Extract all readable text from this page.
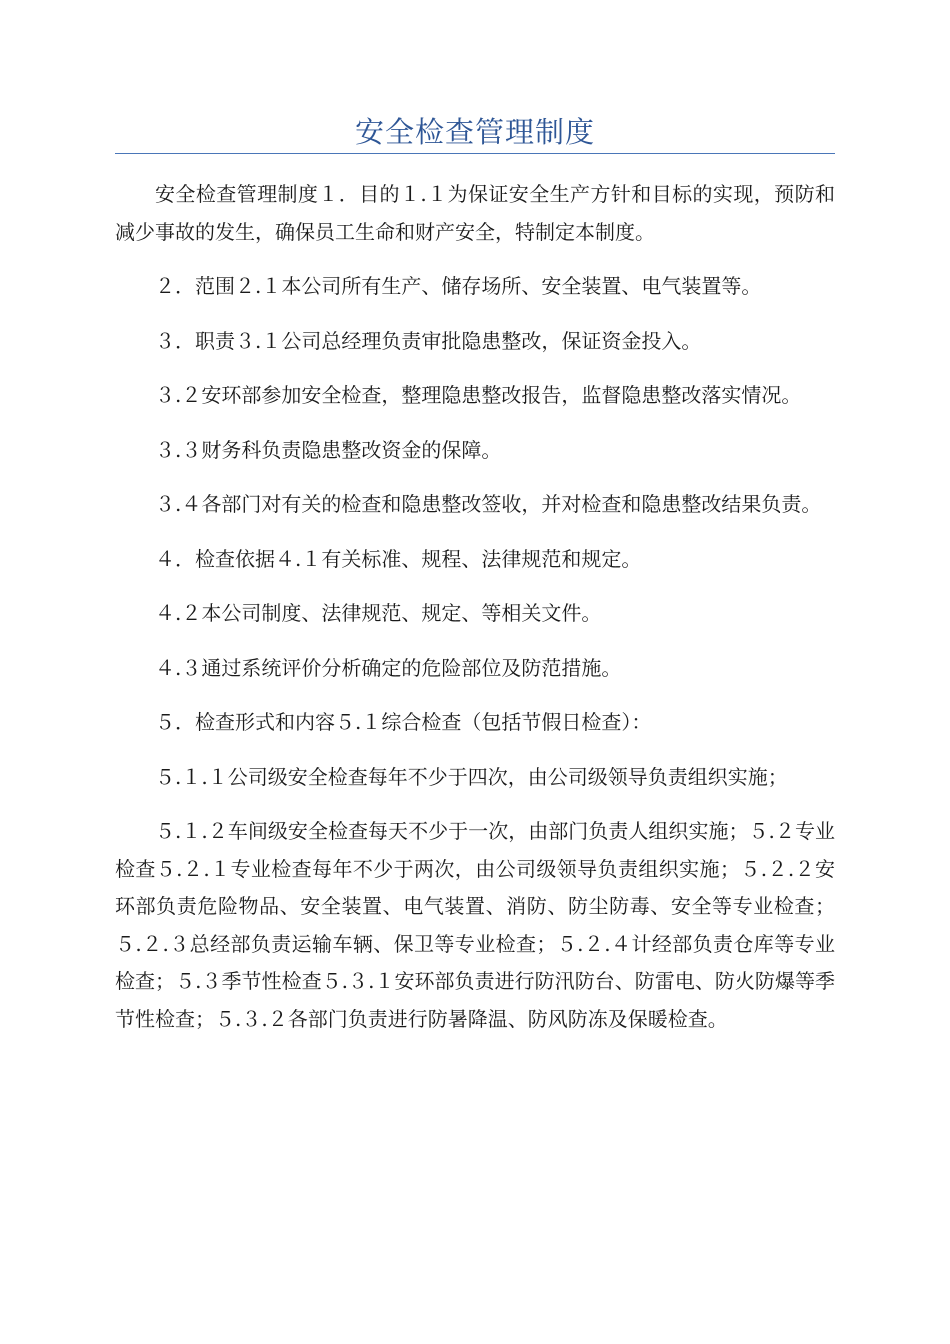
安全检查管理制度

安全检查管理制度１．目的１.１为保证安全生产方针和目标的实现，预防和减少事故的发生，确保员工生命和财产安全，特制定本制度。

２．范围２.１本公司所有生产、储存场所、安全装置、电气装置等。

３．职责３.１公司总经理负责审批隐患整改，保证资金投入。

３.２安环部参加安全检查，整理隐患整改报告，监督隐患整改落实情况。

３.３财务科负责隐患整改资金的保障。

３.４各部门对有关的检查和隐患整改签收，并对检查和隐患整改结果负责。

４．检查依据４.１有关标准、规程、法律规范和规定。

４.２本公司制度、法律规范、规定、等相关文件。

４.３通过系统评价分析确定的危险部位及防范措施。

５．检查形式和内容５.１综合检查（包括节假日检查）：

５.１.１公司级安全检查每年不少于四次，由公司级领导负责组织实施；

５.１.２车间级安全检查每天不少于一次，由部门负责人组织实施；５.２专业检查５.２.１专业检查每年不少于两次，由公司级领导负责组织实施；５.２.２安环部负责危险物品、安全装置、电气装置、消防、防尘防毒、安全等专业检查；５.２.３总经部负责运输车辆、保卫等专业检查；５.２.４计经部负责仓库等专业检查；５.３季节性检查５.３.１安环部负责进行防汛防台、防雷电、防火防爆等季节性检查；５.３.２各部门负责进行防暑降温、防风防冻及保暖检查。
